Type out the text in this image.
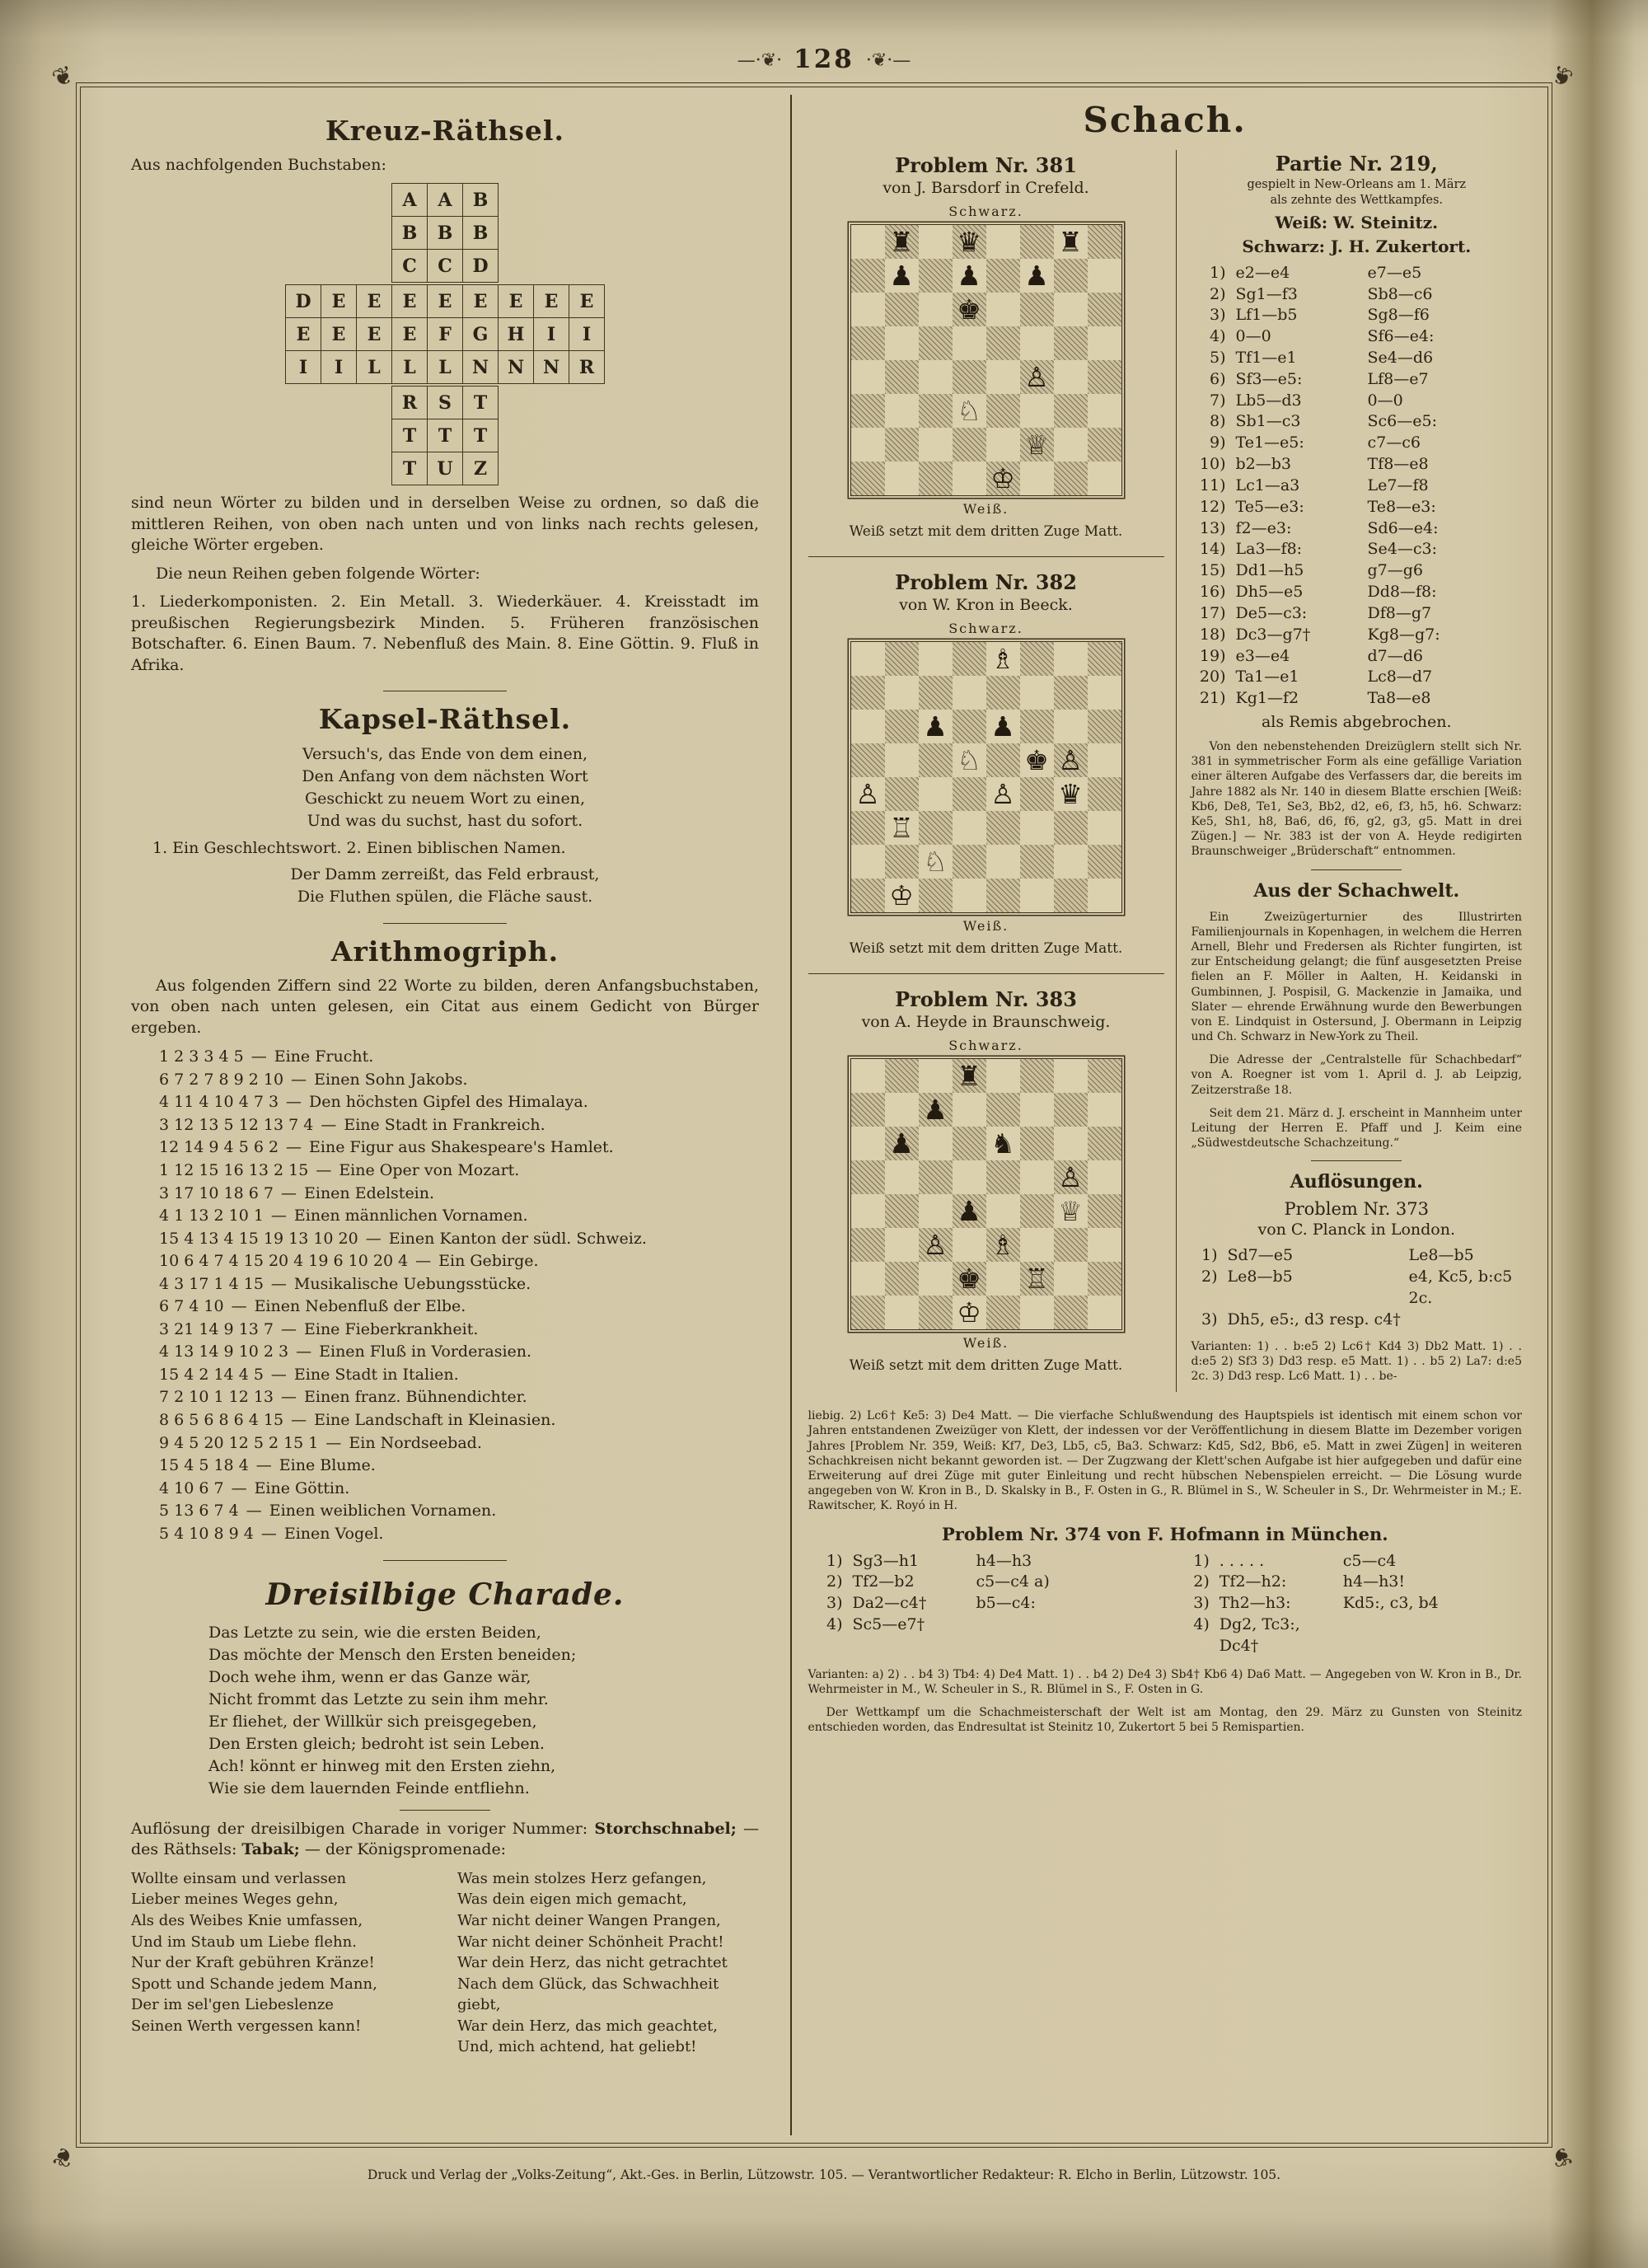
—·❦· 128 ·❦·—
❦	❦
❦	❦
Kreuz-Räthsel.
Aus nachfolgenden Buchstaben:
A	A	B
B	B	B
C	C	D
D	E	E	E	E	E	E	E	E
E	E	E	E	F	G	H	I	I
I	I	L	L	L	N	N	N	R
R	S	T
T	T	T
T	U	Z
sind neun Wörter zu bilden und in derselben Weise zu ordnen, so daß die mittleren Reihen, von oben nach unten und von links nach rechts gelesen, gleiche Wörter ergeben.
Die neun Reihen geben folgende Wörter:
1. Liederkomponisten. 2. Ein Metall. 3. Wiederkäuer. 4. Kreisstadt im preußischen Regierungsbezirk Minden. 5. Früheren französischen Botschafter. 6. Einen Baum. 7. Nebenfluß des Main. 8. Eine Göttin. 9. Fluß in Afrika.
Kapsel-Räthsel.
Versuch's, das Ende von dem einen,
Den Anfang von dem nächsten Wort
Geschickt zu neuem Wort zu einen,
Und was du suchst, hast du sofort.
1. Ein Geschlechtswort. 2. Einen biblischen Namen.
Der Damm zerreißt, das Feld erbraust,
Die Fluthen spülen, die Fläche saust.
Arithmogriph.
Aus folgenden Ziffern sind 22 Worte zu bilden, deren Anfangsbuchstaben, von oben nach unten gelesen, ein Citat aus einem Gedicht von Bürger ergeben.
1 2 3 3 4 5 — Eine Frucht.
6 7 2 7 8 9 2 10 — Einen Sohn Jakobs.
4 11 4 10 4 7 3 — Den höchsten Gipfel des Himalaya.
3 12 13 5 12 13 7 4 — Eine Stadt in Frankreich.
12 14 9 4 5 6 2 — Eine Figur aus Shakespeare's Hamlet.
1 12 15 16 13 2 15 — Eine Oper von Mozart.
3 17 10 18 6 7 — Einen Edelstein.
4 1 13 2 10 1 — Einen männlichen Vornamen.
15 4 13 4 15 19 13 10 20 — Einen Kanton der südl. Schweiz.
10 6 4 7 4 15 20 4 19 6 10 20 4 — Ein Gebirge.
4 3 17 1 4 15 — Musikalische Uebungsstücke.
6 7 4 10 — Einen Nebenfluß der Elbe.
3 21 14 9 13 7 — Eine Fieberkrankheit.
4 13 14 9 10 2 3 — Einen Fluß in Vorderasien.
15 4 2 14 4 5 — Eine Stadt in Italien.
7 2 10 1 12 13 — Einen franz. Bühnendichter.
8 6 5 6 8 6 4 15 — Eine Landschaft in Kleinasien.
9 4 5 20 12 5 2 15 1 — Ein Nordseebad.
15 4 5 18 4 — Eine Blume.
4 10 6 7 — Eine Göttin.
5 13 6 7 4 — Einen weiblichen Vornamen.
5 4 10 8 9 4 — Einen Vogel.
Dreisilbige Charade.
Das Letzte zu sein, wie die ersten Beiden,
Das möchte der Mensch den Ersten beneiden;
Doch wehe ihm, wenn er das Ganze wär,
Nicht frommt das Letzte zu sein ihm mehr.
Er fliehet, der Willkür sich preisgegeben,
Den Ersten gleich; bedroht ist sein Leben.
Ach! könnt er hinweg mit den Ersten ziehn,
Wie sie dem lauernden Feinde entfliehn.
Auflösung der dreisilbigen Charade in voriger Nummer: Storchschnabel; — des Räthsels: Tabak; — der Königspromenade:
Wollte einsam und verlassen
Lieber meines Weges gehn,
Als des Weibes Knie umfassen,
Und im Staub um Liebe flehn.
Nur der Kraft gebühren Kränze!
Spott und Schande jedem Mann,
Der im sel'gen Liebeslenze
Seinen Werth vergessen kann!
Was mein stolzes Herz gefangen,
Was dein eigen mich gemacht,
War nicht deiner Wangen Prangen,
War nicht deiner Schönheit Pracht!
War dein Herz, das nicht getrachtet
Nach dem Glück, das Schwachheit giebt,
War dein Herz, das mich geachtet,
Und, mich achtend, hat geliebt!
Schach.
Problem Nr. 381
von J. Barsdorf in Crefeld.
Schwarz.
♜ ♛	♜
♟ ♟ ♟
♚
♙
♘
♕
♔
Weiß.
Weiß setzt mit dem dritten Zuge Matt.
Problem Nr. 382
von W. Kron in Beeck.
Schwarz.
♗
♟ ♟
♘ ♚ ♙
♙	♙ ♛
♖
♘
♔
Weiß.
Weiß setzt mit dem dritten Zuge Matt.
Problem Nr. 383
von A. Heyde in Braunschweig.
Schwarz.
♜
♟
♟	♞
♙
♟	♕
♙ ♗
♚ ♖
♔
Weiß.
Weiß setzt mit dem dritten Zuge Matt.
Partie Nr. 219,
gespielt in New-Orleans am 1. März
als zehnte des Wettkampfes.
Weiß: W. Steinitz.
Schwarz: J. H. Zukertort.
1) e2—e4	e7—e5
2) Sg1—f3	Sb8—c6
3) Lf1—b5	Sg8—f6
4) 0—0	Sf6—e4:
5) Tf1—e1	Se4—d6
6) Sf3—e5:	Lf8—e7
7) Lb5—d3	0—0
8) Sb1—c3	Sc6—e5:
9) Te1—e5:	c7—c6
10) b2—b3	Tf8—e8
11) Lc1—a3	Le7—f8
12) Te5—e3:	Te8—e3:
13) f2—e3:	Sd6—e4:
14) La3—f8:	Se4—c3:
15) Dd1—h5	g7—g6
16) Dh5—e5	Dd8—f8:
17) De5—c3:	Df8—g7
18) Dc3—g7†	Kg8—g7:
19) e3—e4	d7—d6
20) Ta1—e1	Lc8—d7
21) Kg1—f2	Ta8—e8
als Remis abgebrochen.
Von den nebenstehenden Dreizüglern stellt sich Nr. 381 in symmetrischer Form als eine gefällige Variation einer älteren Aufgabe des Verfassers dar, die bereits im Jahre 1882 als Nr. 140 in diesem Blatte erschien [Weiß: Kb6, De8, Te1, Se3, Bb2, d2, e6, f3, h5, h6. Schwarz: Ke5, Sh1, h8, Ba6, d6, f6, g2, g3, g5. Matt in drei Zügen.] — Nr. 383 ist der von A. Heyde redigirten Braunschweiger „Brüderschaft“ entnommen.
Aus der Schachwelt.
Ein Zweizügerturnier des Illustrirten Familienjournals in Kopenhagen, in welchem die Herren Arnell, Blehr und Fredersen als Richter fungirten, ist zur Entscheidung gelangt; die fünf ausgesetzten Preise fielen an F. Möller in Aalten, H. Keidanski in Gumbinnen, J. Pospisil, G. Mackenzie in Jamaika, und Slater — ehrende Erwähnung wurde den Bewerbungen von E. Lindquist in Ostersund, J. Obermann in Leipzig und Ch. Schwarz in New-York zu Theil.
Die Adresse der „Centralstelle für Schachbedarf“ von A. Roegner ist vom 1. April d. J. ab Leipzig, Zeitzerstraße 18.
Seit dem 21. März d. J. erscheint in Mannheim unter Leitung der Herren E. Pfaff und J. Keim eine „Südwestdeutsche Schachzeitung.“
Auflösungen.
Problem Nr. 373
von C. Planck in London.
1) Sd7—e5	Le8—b5
2) Le8—b5	e4, Kc5, b:c5 2c.
3) Dh5, e5:, d3 resp. c4†
Varianten: 1) . . b:e5 2) Lc6† Kd4 3) Db2 Matt. 1) . . d:e5 2) Sf3 3) Dd3 resp. e5 Matt. 1) . . b5 2) La7: d:e5 2c. 3) Dd3 resp. Lc6 Matt. 1) . . be-
liebig. 2) Lc6† Ke5: 3) De4 Matt. — Die vierfache Schlußwendung des Hauptspiels ist identisch mit einem schon vor Jahren entstandenen Zweizüger von Klett, der indessen vor der Veröffentlichung in diesem Blatte im Dezember vorigen Jahres [Problem Nr. 359, Weiß: Kf7, De3, Lb5, c5, Ba3. Schwarz: Kd5, Sd2, Bb6, e5. Matt in zwei Zügen] in weiteren Schachkreisen nicht bekannt geworden ist. — Der Zugzwang der Klett'schen Aufgabe ist hier aufgegeben und dafür eine Erweiterung auf drei Züge mit guter Einleitung und recht hübschen Nebenspielen erreicht. — Die Lösung wurde angegeben von W. Kron in B., D. Skalsky in B., F. Osten in G., R. Blümel in S., W. Scheuler in S., Dr. Wehrmeister in M.; E. Rawitscher, K. Royó in H.
Problem Nr. 374 von F. Hofmann in München.
1) Sg3—h1	h4—h3
2) Tf2—b2	c5—c4 a)
3) Da2—c4†	b5—c4:
4) Sc5—e7†
1) . . . . .	c5—c4
2) Tf2—h2:	h4—h3!
3) Th2—h3:	Kd5:, c3, b4
4) Dg2, Tc3:, Dc4†
Varianten: a) 2) . . b4 3) Tb4: 4) De4 Matt. 1) . . b4 2) De4 3) Sb4† Kb6 4) Da6 Matt. — Angegeben von W. Kron in B., Dr. Wehrmeister in M., W. Scheuler in S., R. Blümel in S., F. Osten in G.
Der Wettkampf um die Schachmeisterschaft der Welt ist am Montag, den 29. März zu Gunsten von Steinitz entschieden worden, das Endresultat ist Steinitz 10, Zukertort 5 bei 5 Remispartien.
Druck und Verlag der „Volks-Zeitung“, Akt.-Ges. in Berlin, Lützowstr. 105. — Verantwortlicher Redakteur: R. Elcho in Berlin, Lützowstr. 105.
